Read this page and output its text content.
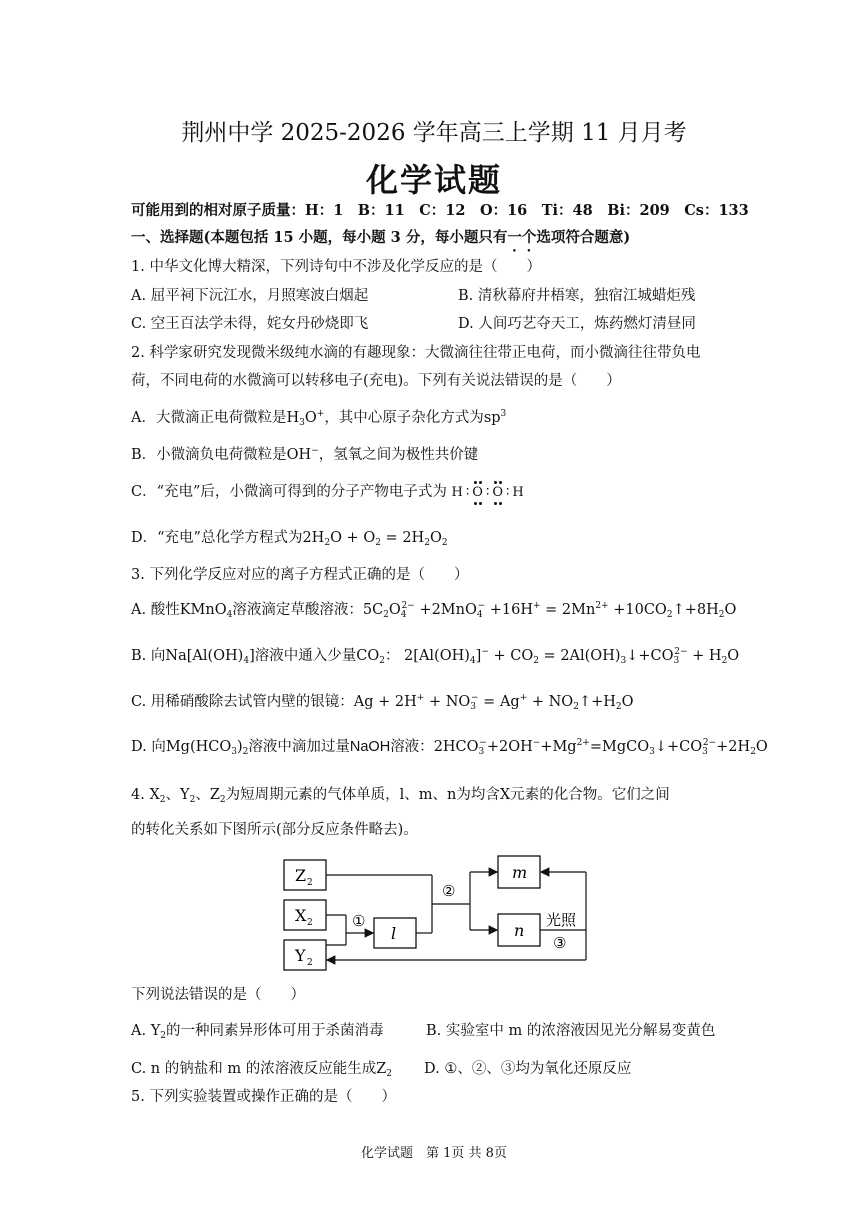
荆州中学 2025-2026 学年高三上学期 11 月月考
化学试题
可能用到的相对原子质量：H：1　B：11　C：12　O：16　Ti：48　Bi：209　Cs：133
一、选择题(本题包括 15 小题，每小题 3 分，每小题只有一个选项符合题意)
1. 中华文化博大精深，下列诗句中不涉及化学反应的是（　　）
A. 屈平祠下沅江水，月照寒波白烟起	B. 清秋幕府井梧寒，独宿江城蜡炬残
C. 空王百法学未得，姹女丹砂烧即飞	D. 人间巧艺夺天工，炼药燃灯清昼同
2. 科学家研究发现微米级纯水滴的有趣现象：大微滴往往带正电荷，而小微滴往往带负电
荷，不同电荷的水微滴可以转移电子(充电)。下列有关说法错误的是（　　）
A．大微滴正电荷微粒是$H_3O^+$，其中心原子杂化方式为$sp^3$
B．小微滴负电荷微粒是OH−，氢氧之间为极性共价键
C．“充电”后，小微滴可得到的分子产物电子式为 H ∶ O ∶ O ∶ H
D．“充电”总化学方程式为$2H_2O + O_2 = 2H_2O_2$
3. 下列化学反应对应的离子方程式正确的是（　　）
A. 酸性KMnO$_4$溶液滴定草酸溶液：$5C_2O_4^{2-} +2MnO_4^- +16H^+ = 2Mn^{2+}$ $+10CO_2↑+8H_2O$
B. 向$Na[Al(OH)_4]$溶液中通入少量$CO_2$： $2[Al(OH)_4]^- + CO_2$ = $2Al(OH)_3↓+CO_3^{2-} + H_2O$
C. 用稀硝酸除去试管内壁的银镜：$Ag + 2H^+ + NO_3^- = Ag^+$ + $NO_2↑+H_2O$
D. 向$Mg(HCO_3)_2$溶液中滴加过量NaOH溶液：$2HCO_3^-+2OH^-+Mg^{2+}=MgCO_3↓+CO_3^{2-}+2H_2O$
4. $X_2$、$Y_2$、$Z_2$为短周期元素的气体单质，l、m、n为均含X元素的化合物。它们之间
的转化关系如下图所示(部分反应条件略去)。
Z 2
X 2
Y 2
l
m
n
①
②
光照
③
下列说法错误的是（　　）
A. $Y_2$的一种同素异形体可用于杀菌消毒	B. 实验室中 m 的浓溶液因见光分解易变黄色
C. n 的钠盐和 m 的浓溶液反应能生成$Z_2$ D. ①、②、③均为氧化还原反应
5. 下列实验装置或操作正确的是（　　）
化学试题　第 1页 共 8页
